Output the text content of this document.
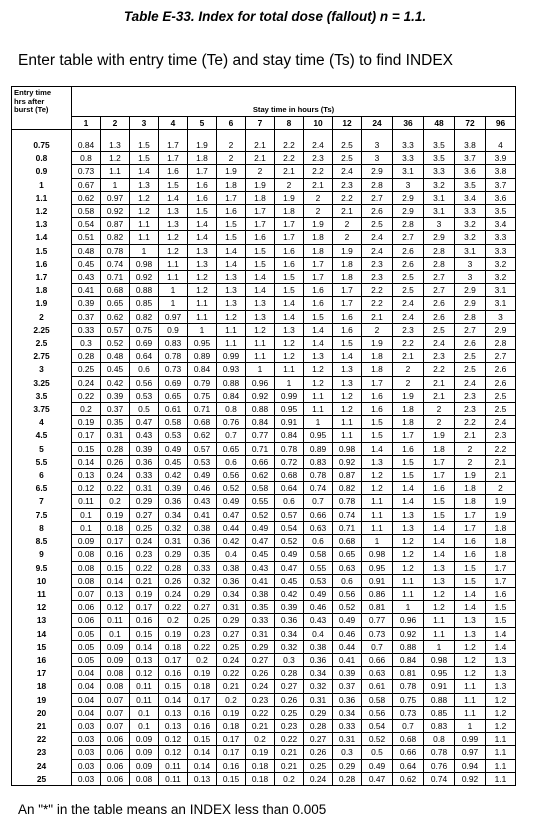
Table E-33. Index for total dose (fallout) n = 1.1.
Enter table with entry time (Te) and stay time (Ts) to find INDEX
Entry time
hrs after
burst (Te)	Stay time in hours (Ts)														
	1	2	3	4	5	6	7	8	10	12	24	36	48	72	96

0.75	0.84	1.3	1.5	1.7	1.9	2	2.1	2.2	2.4	2.5	3	3.3	3.5	3.8	4
0.8	0.8	1.2	1.5	1.7	1.8	2	2.1	2.2	2.3	2.5	3	3.3	3.5	3.7	3.9
0.9	0.73	1.1	1.4	1.6	1.7	1.9	2	2.1	2.2	2.4	2.9	3.1	3.3	3.6	3.8
1	0.67	1	1.3	1.5	1.6	1.8	1.9	2	2.1	2.3	2.8	3	3.2	3.5	3.7
1.1	0.62	0.97	1.2	1.4	1.6	1.7	1.8	1.9	2	2.2	2.7	2.9	3.1	3.4	3.6
1.2	0.58	0.92	1.2	1.3	1.5	1.6	1.7	1.8	2	2.1	2.6	2.9	3.1	3.3	3.5
1.3	0.54	0.87	1.1	1.3	1.4	1.5	1.7	1.7	1.9	2	2.5	2.8	3	3.2	3.4
1.4	0.51	0.82	1.1	1.2	1.4	1.5	1.6	1.7	1.8	2	2.4	2.7	2.9	3.2	3.3
1.5	0.48	0.78	1	1.2	1.3	1.4	1.5	1.6	1.8	1.9	2.4	2.6	2.8	3.1	3.3
1.6	0.45	0.74	0.98	1.1	1.3	1.4	1.5	1.6	1.7	1.8	2.3	2.6	2.8	3	3.2
1.7	0.43	0.71	0.92	1.1	1.2	1.3	1.4	1.5	1.7	1.8	2.3	2.5	2.7	3	3.2
1.8	0.41	0.68	0.88	1	1.2	1.3	1.4	1.5	1.6	1.7	2.2	2.5	2.7	2.9	3.1
1.9	0.39	0.65	0.85	1	1.1	1.3	1.3	1.4	1.6	1.7	2.2	2.4	2.6	2.9	3.1
2	0.37	0.62	0.82	0.97	1.1	1.2	1.3	1.4	1.5	1.6	2.1	2.4	2.6	2.8	3
2.25	0.33	0.57	0.75	0.9	1	1.1	1.2	1.3	1.4	1.6	2	2.3	2.5	2.7	2.9
2.5	0.3	0.52	0.69	0.83	0.95	1.1	1.1	1.2	1.4	1.5	1.9	2.2	2.4	2.6	2.8
2.75	0.28	0.48	0.64	0.78	0.89	0.99	1.1	1.2	1.3	1.4	1.8	2.1	2.3	2.5	2.7
3	0.25	0.45	0.6	0.73	0.84	0.93	1	1.1	1.2	1.3	1.8	2	2.2	2.5	2.6
3.25	0.24	0.42	0.56	0.69	0.79	0.88	0.96	1	1.2	1.3	1.7	2	2.1	2.4	2.6
3.5	0.22	0.39	0.53	0.65	0.75	0.84	0.92	0.99	1.1	1.2	1.6	1.9	2.1	2.3	2.5
3.75	0.2	0.37	0.5	0.61	0.71	0.8	0.88	0.95	1.1	1.2	1.6	1.8	2	2.3	2.5
4	0.19	0.35	0.47	0.58	0.68	0.76	0.84	0.91	1	1.1	1.5	1.8	2	2.2	2.4
4.5	0.17	0.31	0.43	0.53	0.62	0.7	0.77	0.84	0.95	1.1	1.5	1.7	1.9	2.1	2.3
5	0.15	0.28	0.39	0.49	0.57	0.65	0.71	0.78	0.89	0.98	1.4	1.6	1.8	2	2.2
5.5	0.14	0.26	0.36	0.45	0.53	0.6	0.66	0.72	0.83	0.92	1.3	1.5	1.7	2	2.1
6	0.13	0.24	0.33	0.42	0.49	0.56	0.62	0.68	0.78	0.87	1.2	1.5	1.7	1.9	2.1
6.5	0.12	0.22	0.31	0.39	0.46	0.52	0.58	0.64	0.74	0.82	1.2	1.4	1.6	1.8	2
7	0.11	0.2	0.29	0.36	0.43	0.49	0.55	0.6	0.7	0.78	1.1	1.4	1.5	1.8	1.9
7.5	0.1	0.19	0.27	0.34	0.41	0.47	0.52	0.57	0.66	0.74	1.1	1.3	1.5	1.7	1.9
8	0.1	0.18	0.25	0.32	0.38	0.44	0.49	0.54	0.63	0.71	1.1	1.3	1.4	1.7	1.8
8.5	0.09	0.17	0.24	0.31	0.36	0.42	0.47	0.52	0.6	0.68	1	1.2	1.4	1.6	1.8
9	0.08	0.16	0.23	0.29	0.35	0.4	0.45	0.49	0.58	0.65	0.98	1.2	1.4	1.6	1.8
9.5	0.08	0.15	0.22	0.28	0.33	0.38	0.43	0.47	0.55	0.63	0.95	1.2	1.3	1.5	1.7
10	0.08	0.14	0.21	0.26	0.32	0.36	0.41	0.45	0.53	0.6	0.91	1.1	1.3	1.5	1.7
11	0.07	0.13	0.19	0.24	0.29	0.34	0.38	0.42	0.49	0.56	0.86	1.1	1.2	1.4	1.6
12	0.06	0.12	0.17	0.22	0.27	0.31	0.35	0.39	0.46	0.52	0.81	1	1.2	1.4	1.5
13	0.06	0.11	0.16	0.2	0.25	0.29	0.33	0.36	0.43	0.49	0.77	0.96	1.1	1.3	1.5
14	0.05	0.1	0.15	0.19	0.23	0.27	0.31	0.34	0.4	0.46	0.73	0.92	1.1	1.3	1.4
15	0.05	0.09	0.14	0.18	0.22	0.25	0.29	0.32	0.38	0.44	0.7	0.88	1	1.2	1.4
16	0.05	0.09	0.13	0.17	0.2	0.24	0.27	0.3	0.36	0.41	0.66	0.84	0.98	1.2	1.3
17	0.04	0.08	0.12	0.16	0.19	0.22	0.26	0.28	0.34	0.39	0.63	0.81	0.95	1.2	1.3
18	0.04	0.08	0.11	0.15	0.18	0.21	0.24	0.27	0.32	0.37	0.61	0.78	0.91	1.1	1.3
19	0.04	0.07	0.11	0.14	0.17	0.2	0.23	0.26	0.31	0.36	0.58	0.75	0.88	1.1	1.2
20	0.04	0.07	0.1	0.13	0.16	0.19	0.22	0.25	0.29	0.34	0.56	0.73	0.85	1.1	1.2
21	0.03	0.07	0.1	0.13	0.16	0.18	0.21	0.23	0.28	0.33	0.54	0.7	0.83	1	1.2
22	0.03	0.06	0.09	0.12	0.15	0.17	0.2	0.22	0.27	0.31	0.52	0.68	0.8	0.99	1.1
23	0.03	0.06	0.09	0.12	0.14	0.17	0.19	0.21	0.26	0.3	0.5	0.66	0.78	0.97	1.1
24	0.03	0.06	0.09	0.11	0.14	0.16	0.18	0.21	0.25	0.29	0.49	0.64	0.76	0.94	1.1
25	0.03	0.06	0.08	0.11	0.13	0.15	0.18	0.2	0.24	0.28	0.47	0.62	0.74	0.92	1.1
An "*" in the table means an INDEX less than 0.005
